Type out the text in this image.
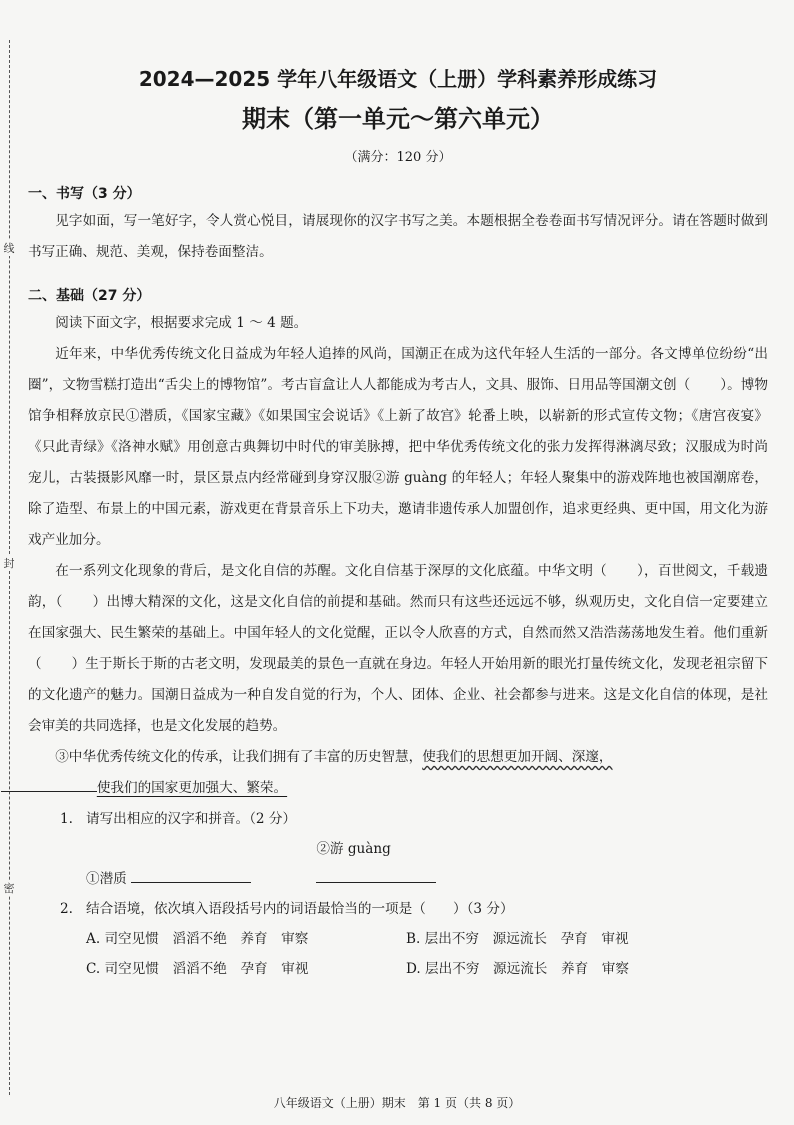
线
封
密
2024—2025 学年八年级语文（上册）学科素养形成练习
期末（第一单元～第六单元）
（满分：120 分）
一、书写（3 分）

见字如面，写一笔好字，令人赏心悦目，请展现你的汉字书写之美。本题根据全卷卷面书写情况评分。请在答题时做到书写正确、规范、美观，保持卷面整洁。

二、基础（27 分）

阅读下面文字，根据要求完成 1 ～ 4 题。

近年来，中华优秀传统文化日益成为年轻人追捧的风尚，国潮正在成为这代年轻人生活的一部分。各文博单位纷纷“出圈”，文物雪糕打造出“舌尖上的博物馆”。考古盲盒让人人都能成为考古人，文具、服饰、日用品等国潮文创（ ）。博物馆争相释放京民①潜质，《国家宝藏》《如果国宝会说话》《上新了故宫》轮番上映，以崭新的形式宣传文物；《唐宫夜宴》《只此青绿》《洛神水赋》用创意古典舞切中时代的审美脉搏，把中华优秀传统文化的张力发挥得淋漓尽致；汉服成为时尚宠儿，古装摄影风靡一时，景区景点内经常碰到身穿汉服②游 guàng 的年轻人；年轻人聚集中的游戏阵地也被国潮席卷，除了造型、布景上的中国元素，游戏更在背景音乐上下功夫，邀请非遗传承人加盟创作，追求更经典、更中国，用文化为游戏产业加分。

在一系列文化现象的背后，是文化自信的苏醒。文化自信基于深厚的文化底蕴。中华文明（ ），百世阅文，千载遗韵，（ ）出博大精深的文化，这是文化自信的前提和基础。然而只有这些还远远不够，纵观历史，文化自信一定要建立在国家强大、民生繁荣的基础上。中国年轻人的文化觉醒，正以令人欣喜的方式，自然而然又浩浩荡荡地发生着。他们重新（ ）生于斯长于斯的古老文明，发现最美的景色一直就在身边。年轻人开始用新的眼光打量传统文化，发现老祖宗留下的文化遗产的魅力。国潮日益成为一种自发自觉的行为，个人、团体、企业、社会都参与进来。这是文化自信的体现，是社会审美的共同选择，也是文化发展的趋势。

③中华优秀传统文化的传承，让我们拥有了丰富的历史智慧，使我们的思想更加开阔、深邃，
使我们的国家更加强大、繁荣。

1. 请写出相应的汉字和拼音。（2 分）
①潜质  ②游 guàng
2. 结合语境，依次填入语段括号内的词语最恰当的一项是（　　）（3 分）
A. 司空见惯　滔滔不绝　养育　审察	B. 层出不穷　源远流长　孕育　审视
C. 司空见惯　滔滔不绝　孕育　审视	D. 层出不穷　源远流长　养育　审察
八年级语文（上册）期末　第 1 页（共 8 页）
